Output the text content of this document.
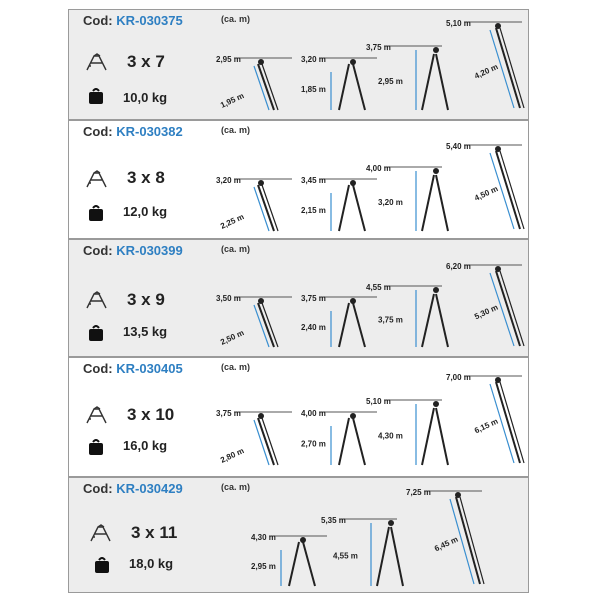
Cod: KR-030375	(ca. m)
3 x 7
10,0 kg
2,95 m
1,95 m
3,20 m
1,85 m
3,75 m
2,95 m
5,10 m
4,20 m
Cod: KR-030382	(ca. m)
3 x 8
12,0 kg
3,20 m
2,25 m
3,45 m
2,15 m
4,00 m
3,20 m
5,40 m
4,50 m
Cod: KR-030399	(ca. m)
3 x 9
13,5 kg
3,50 m
2,50 m
3,75 m
2,40 m
4,55 m
3,75 m
6,20 m
5,30 m
Cod: KR-030405	(ca. m)
3 x 10
16,0 kg
3,75 m
2,80 m
4,00 m
2,70 m
5,10 m
4,30 m
7,00 m
6,15 m
Cod: KR-030429	(ca. m)
3 x 11
18,0 kg
4,30 m
2,95 m
5,35 m
4,55 m
7,25 m
6,45 m
